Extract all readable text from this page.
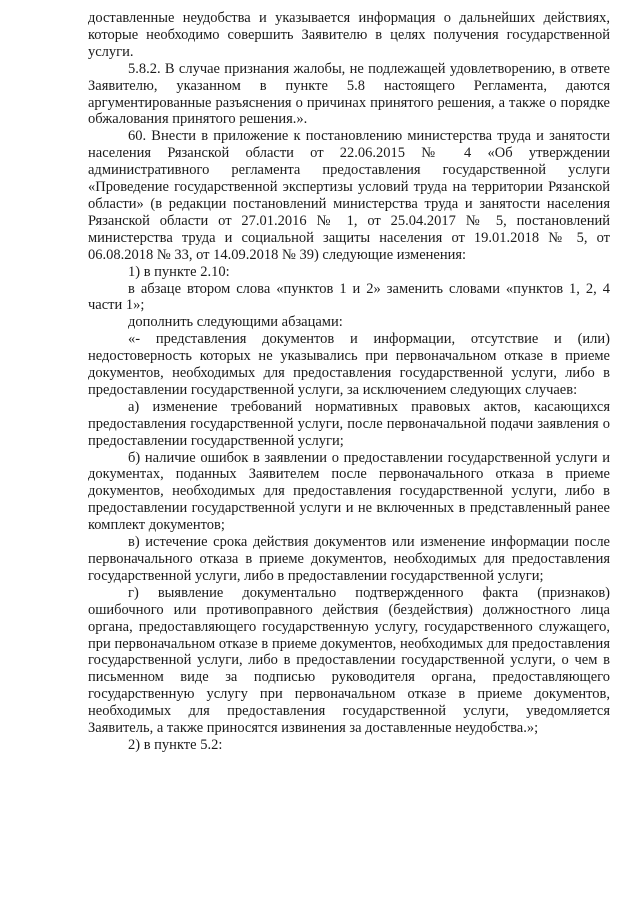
доставленные неудобства и указывается информация о дальнейших действиях, которые необходимо совершить Заявителю в целях получения государственной услуги.

5.8.2. В случае признания жалобы, не подлежащей удовлетворению, в ответе Заявителю, указанном в пункте 5.8 настоящего Регламента, даются аргументированные разъяснения о причинах принятого решения, а также о порядке обжалования принятого решения.».

60. Внести в приложение к постановлению министерства труда и занятости населения Рязанской области от 22.06.2015 № 4 «Об утверждении административного регламента предоставления государственной услуги «Проведение государственной экспертизы условий труда на территории Рязанской области» (в редакции постановлений министерства труда и занятости населения Рязанской области от 27.01.2016 № 1, от 25.04.2017 № 5, постановлений министерства труда и социальной защиты населения от 19.01.2018 № 5, от 06.08.2018 № 33, от 14.09.2018 № 39) следующие изменения:

1) в пункте 2.10:

в абзаце втором слова «пунктов 1 и 2» заменить словами «пунктов 1, 2, 4 части 1»;

дополнить следующими абзацами:

«- представления документов и информации, отсутствие и (или) недостоверность которых не указывались при первоначальном отказе в приеме документов, необходимых для предоставления государственной услуги, либо в предоставлении государственной услуги, за исключением следующих случаев:

а) изменение требований нормативных правовых актов, касающихся предоставления государственной услуги, после первоначальной подачи заявления о предоставлении государственной услуги;

б) наличие ошибок в заявлении о предоставлении государственной услуги и документах, поданных Заявителем после первоначального отказа в приеме документов, необходимых для предоставления государственной услуги, либо в предоставлении государственной услуги и не включенных в представленный ранее комплект документов;

в) истечение срока действия документов или изменение информации после первоначального отказа в приеме документов, необходимых для предоставления государственной услуги, либо в предоставлении государственной услуги;

г) выявление документально подтвержденного факта (признаков) ошибочного или противоправного действия (бездействия) должностного лица органа, предоставляющего государственную услугу, государственного служащего, при первоначальном отказе в приеме документов, необходимых для предоставления государственной услуги, либо в предоставлении государственной услуги, о чем в письменном виде за подписью руководителя органа, предоставляющего государственную услугу при первоначальном отказе в приеме документов, необходимых для предоставления государственной услуги, уведомляется Заявитель, а также приносятся извинения за доставленные неудобства.»;

2) в пункте 5.2:
